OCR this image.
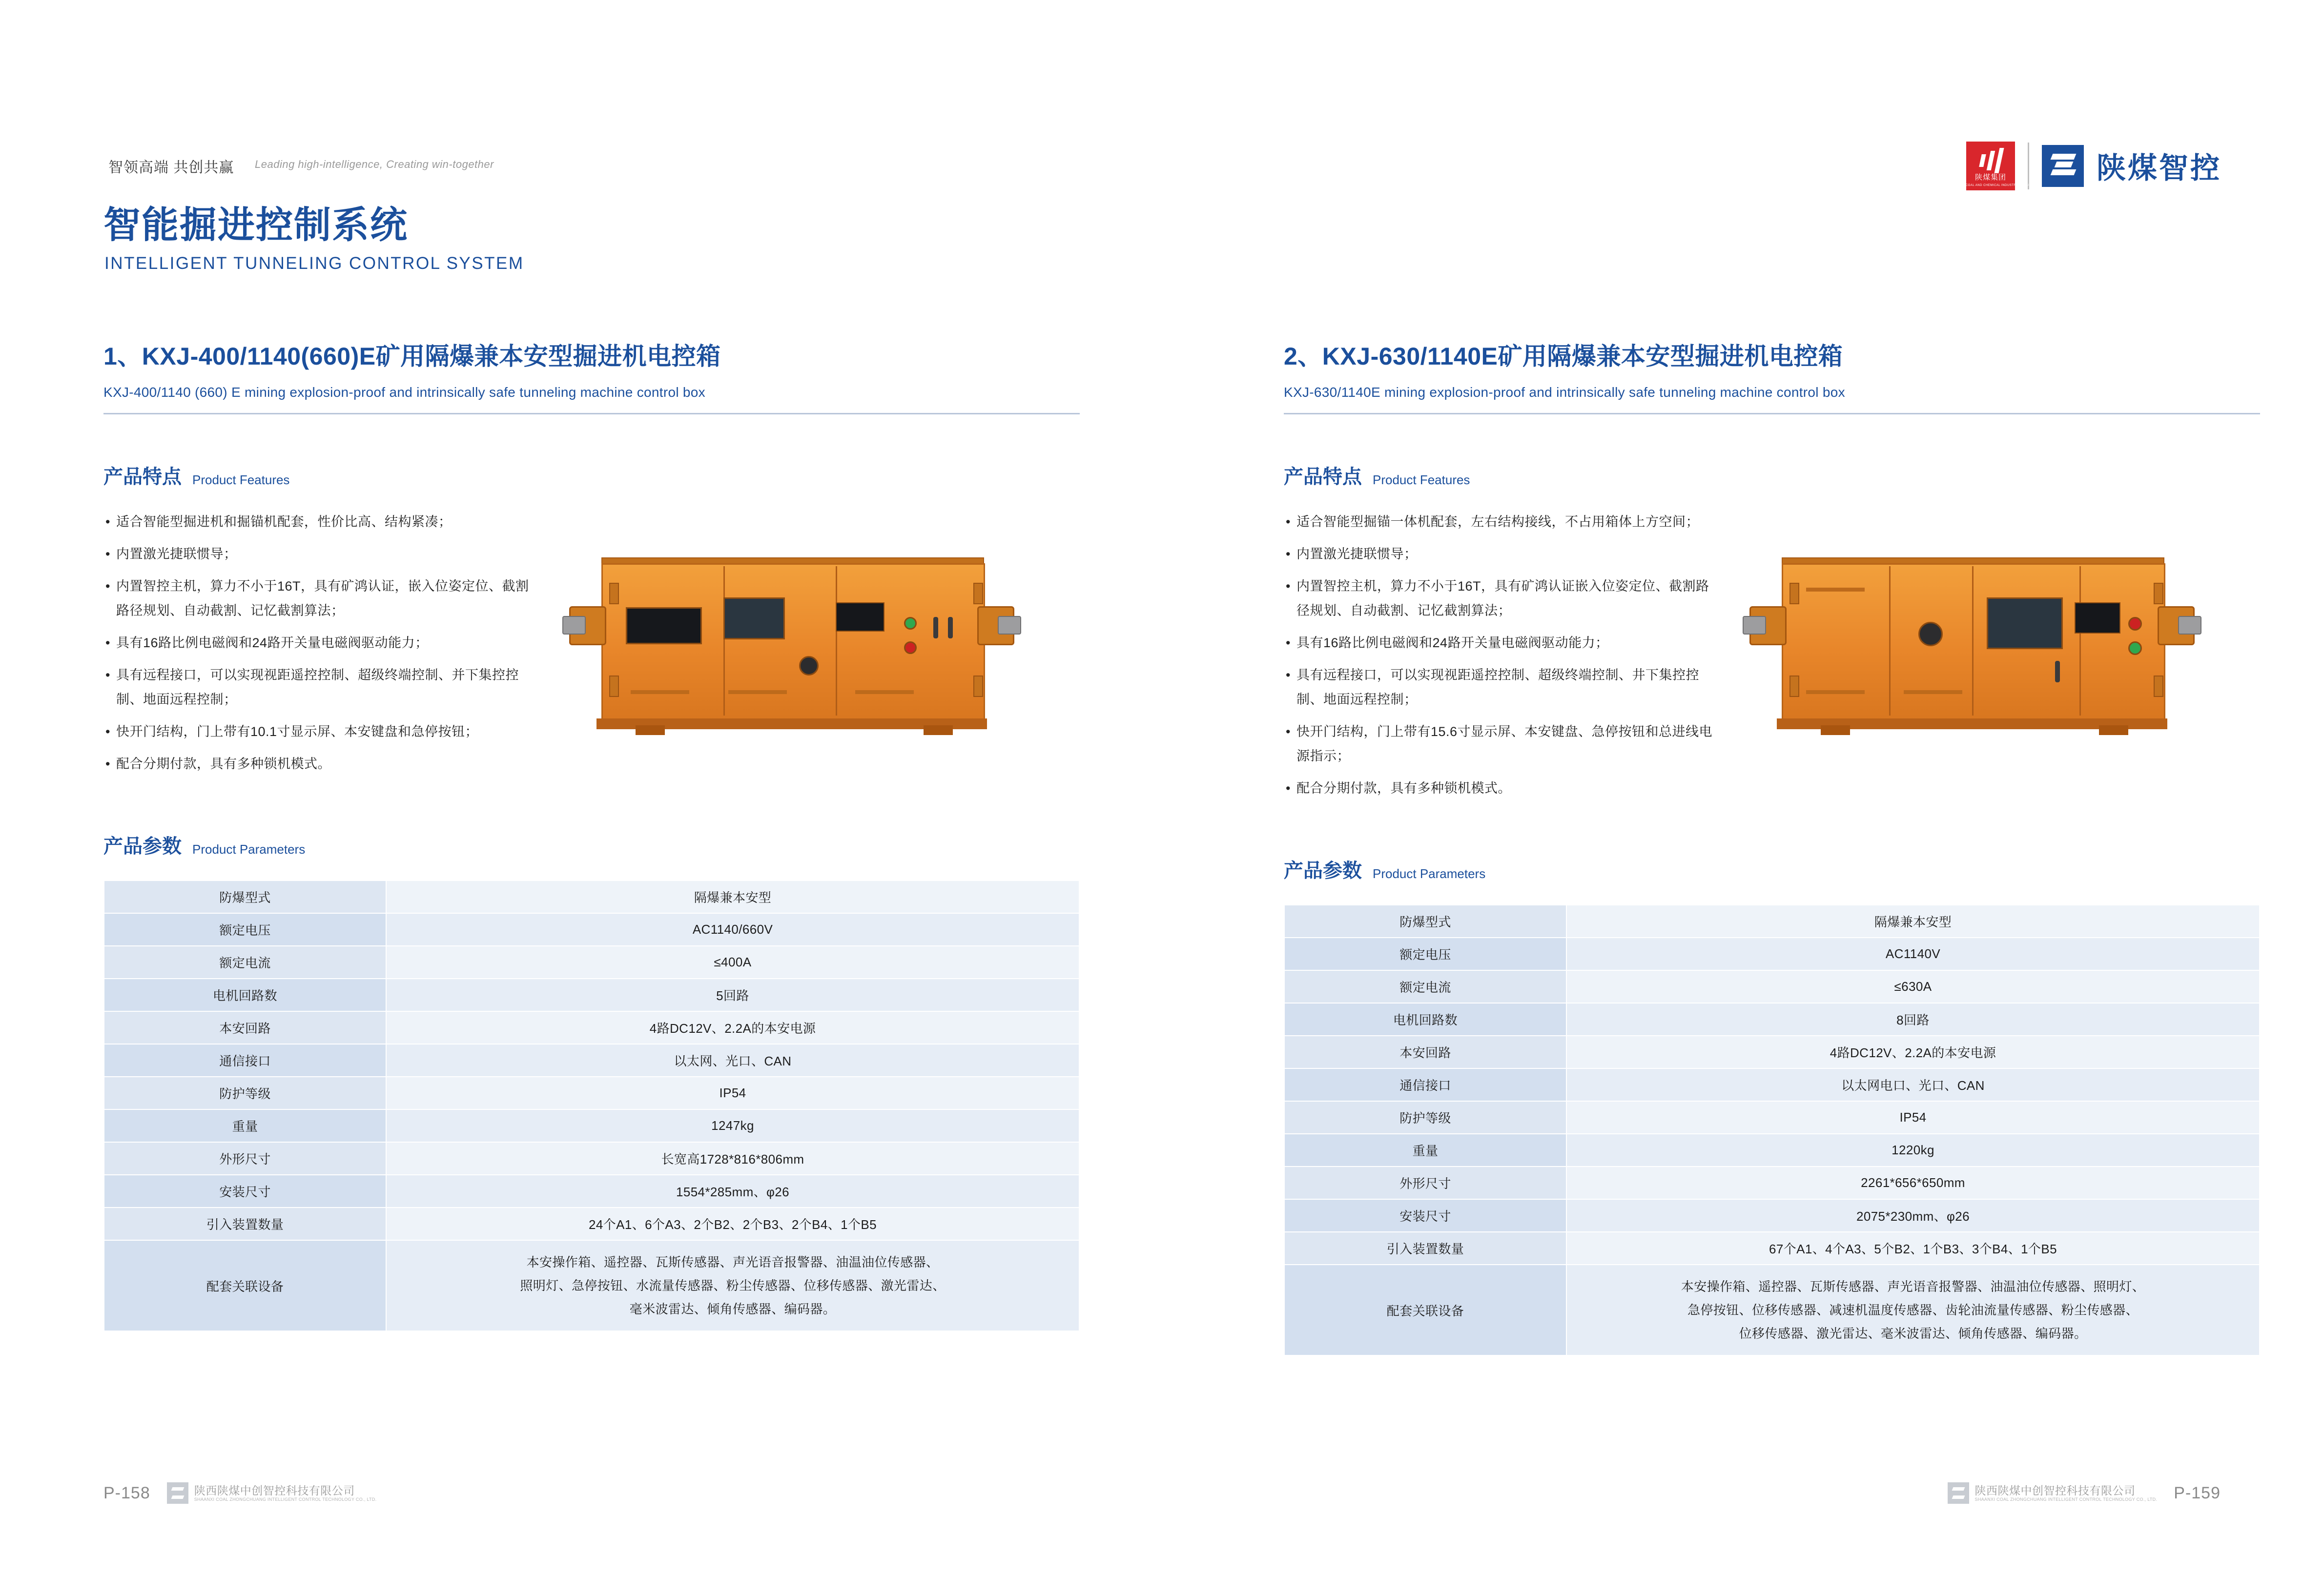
智领高端 共创共赢 Leading high-intelligence, Creating win-together
陕煤集团
SHAANXI COAL AND CHEMICAL INDUSTRY GROUP
陕煤智控
智能掘进控制系统
INTELLIGENT TUNNELING CONTROL SYSTEM
1、KXJ-400/1140(660)E矿用隔爆兼本安型掘进机电控箱
KXJ-400/1140 (660) E mining explosion-proof and intrinsically safe tunneling machine control box
产品特点 Product Features
• 适合智能型掘进机和掘锚机配套，性价比高、结构紧凑；
• 内置激光捷联惯导；
• 内置智控主机，算力不小于16T，具有矿鸿认证，嵌入位姿定位、截割路径规划、自动截割、记忆截割算法；
• 具有16路比例电磁阀和24路开关量电磁阀驱动能力；
• 具有远程接口，可以实现视距遥控控制、超级终端控制、并下集控控制、地面远程控制；
• 快开门结构，门上带有10.1寸显示屏、本安键盘和急停按钮；
• 配合分期付款，具有多种锁机模式。
产品参数 Product Parameters
防爆型式	隔爆兼本安型
额定电压	AC1140/660V
额定电流	≤400A
电机回路数	5回路
本安回路	4路DC12V、2.2A的本安电源
通信接口	以太网、光口、CAN
防护等级	IP54
重量	1247kg
外形尺寸	长宽高1728*816*806mm
安装尺寸	1554*285mm、φ26
引入装置数量	24个A1、6个A3、2个B2、2个B3、2个B4、1个B5
配套关联设备	本安操作箱、遥控器、瓦斯传感器、声光语音报警器、油温油位传感器、
照明灯、急停按钮、水流量传感器、粉尘传感器、位移传感器、激光雷达、
毫米波雷达、倾角传感器、编码器。
2、KXJ-630/1140E矿用隔爆兼本安型掘进机电控箱
KXJ-630/1140E mining explosion-proof and intrinsically safe tunneling machine control box
产品特点 Product Features
• 适合智能型掘锚一体机配套，左右结构接线，不占用箱体上方空间；
• 内置激光捷联惯导；
• 内置智控主机，算力不小于16T，具有矿鸿认证嵌入位姿定位、截割路径规划、自动截割、记忆截割算法；
• 具有16路比例电磁阀和24路开关量电磁阀驱动能力；
• 具有远程接口，可以实现视距遥控控制、超级终端控制、井下集控控制、地面远程控制；
• 快开门结构，门上带有15.6寸显示屏、本安键盘、急停按钮和总进线电源指示；
• 配合分期付款，具有多种锁机模式。
产品参数 Product Parameters
防爆型式	隔爆兼本安型
额定电压	AC1140V
额定电流	≤630A
电机回路数	8回路
本安回路	4路DC12V、2.2A的本安电源
通信接口	以太网电口、光口、CAN
防护等级	IP54
重量	1220kg
外形尺寸	2261*656*650mm
安装尺寸	2075*230mm、φ26
引入装置数量	67个A1、4个A3、5个B2、1个B3、3个B4、1个B5
配套关联设备	本安操作箱、遥控器、瓦斯传感器、声光语音报警器、油温油位传感器、照明灯、
急停按钮、位移传感器、减速机温度传感器、齿轮油流量传感器、粉尘传感器、
位移传感器、激光雷达、毫米波雷达、倾角传感器、编码器。
P-158	陕西陕煤中创智控科技有限公司
SHAANXI COAL ZHONGCHUANG INTELLIGENT CONTROL TECHNOLOGY CO., LTD.
陕西陕煤中创智控科技有限公司
SHAANXI COAL ZHONGCHUANG INTELLIGENT CONTROL TECHNOLOGY CO., LTD. P-159
